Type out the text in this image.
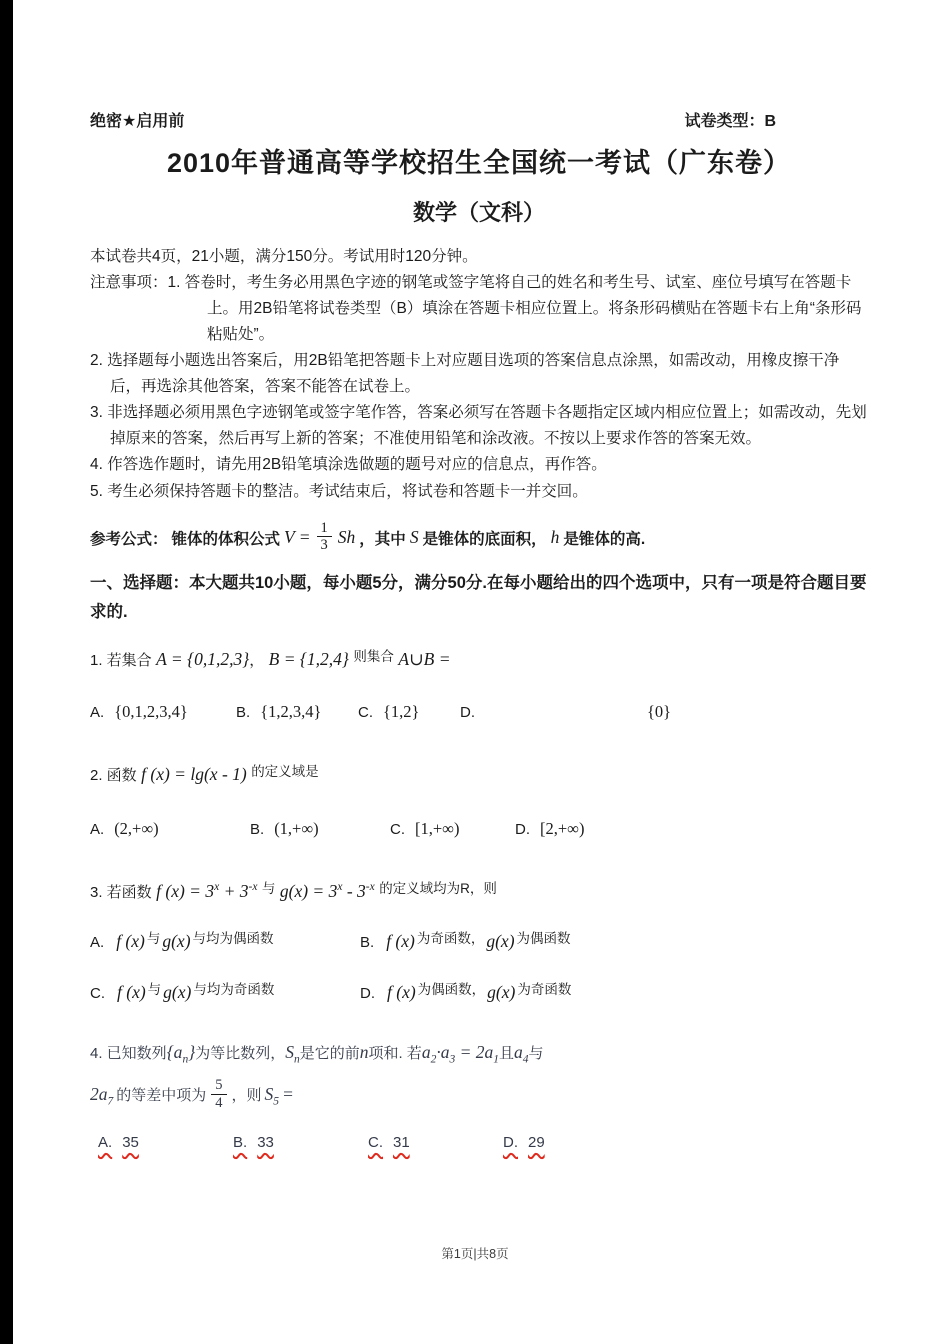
绝密★启用前	试卷类型：B
2010年普通高等学校招生全国统一考试（广东卷）
数学（文科）

本试卷共4页，21小题，满分150分。考试用时120分钟。

注意事项：1. 答卷时，考生务必用黑色字迹的钢笔或签字笔将自己的姓名和考生号、试室、座位号填写在答题卡上。用2B铅笔将试卷类型（B）填涂在答题卡相应位置上。将条形码横贴在答题卡右上角“条形码粘贴处”。

2. 选择题每小题选出答案后，用2B铅笔把答题卡上对应题目选项的答案信息点涂黑，如需改动，用橡皮擦干净后，再选涂其他答案，答案不能答在试卷上。

3. 非选择题必须用黑色字迹钢笔或签字笔作答，答案必须写在答题卡各题指定区域内相应位置上；如需改动，先划掉原来的答案，然后再写上新的答案；不准使用铅笔和涂改液。不按以上要求作答的答案无效。

4. 作答选作题时，请先用2B铅笔填涂选做题的题号对应的信息点，再作答。

5. 考生必须保持答题卡的整洁。考试结束后，将试卷和答题卡一并交回。

参考公式： 锥体的体积公式 $V = \frac{1}{3}$ Sh ，其中 S 是锥体的底面积， h 是锥体的高.

一、选择题：本大题共10小题，每小题5分，满分50分.在每小题给出的四个选项中，只有一项是符合题目要求的.

1. 若集合 A = {0,1,2,3}， B = {1,2,4} $^{则集合}$ A∪B =

A. {0,1,2,3,4}	B. {1,2,3,4} C. {1,2}	D.	{0}

2. 函数 f (x) = lg(x - 1) $^{的定义域是}$

A. (2,+∞)	B. (1,+∞)	C. [1,+∞)	D. [2,+∞)

3. 若函数 f $(x) = 3^x + 3^{-x}$ $^与$ $g(x) = 3^x - 3^{-x}$ $^{的定义域均为R,则}$

A. f (x) 与 g(x) 与均为偶函数	B. f (x) 为奇函数， g(x) 为偶函数
C. f (x) 与 g(x) 与均为奇函数	D. f (x) 为偶函数， g(x) 为奇函数

4. 已知数列$\{a_n\}$为等比数列，$S_n$是它的前n项和. 若$a_2\cdot a_3 = 2a_1$且$a_4$与

$2a_7$ 的等差中项为 $\frac{5}{4}$ ，则 $S_5$ =
A. 35	B. 33	C. 31	D. 29
第1页|共8页
